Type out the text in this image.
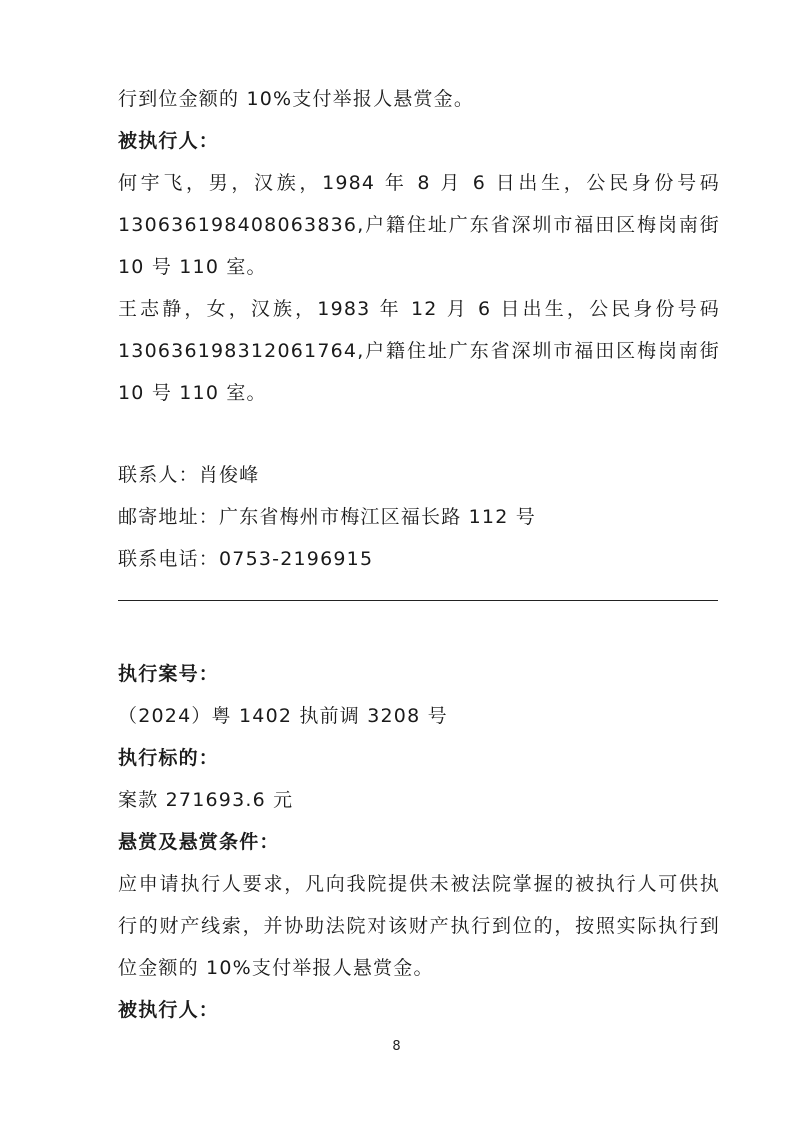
行到位金额的 10%支付举报人悬赏金。

被执行人：

何宇飞，男，汉族，1984 年 8 月 6 日出生，公民身份号码 130636198408063836,户籍住址广东省深圳市福田区梅岗南街 10 号 110 室。

王志静，女，汉族，1983 年 12 月 6 日出生，公民身份号码 130636198312061764,户籍住址广东省深圳市福田区梅岗南街 10 号 110 室。

联系人：肖俊峰

邮寄地址：广东省梅州市梅江区福长路 112 号

联系电话：0753-2196915

执行案号：

（2024）粤 1402 执前调 3208 号

执行标的：

案款 271693.6 元

悬赏及悬赏条件：

应申请执行人要求，凡向我院提供未被法院掌握的被执行人可供执行的财产线索，并协助法院对该财产执行到位的，按照实际执行到位金额的 10%支付举报人悬赏金。

被执行人：

8
